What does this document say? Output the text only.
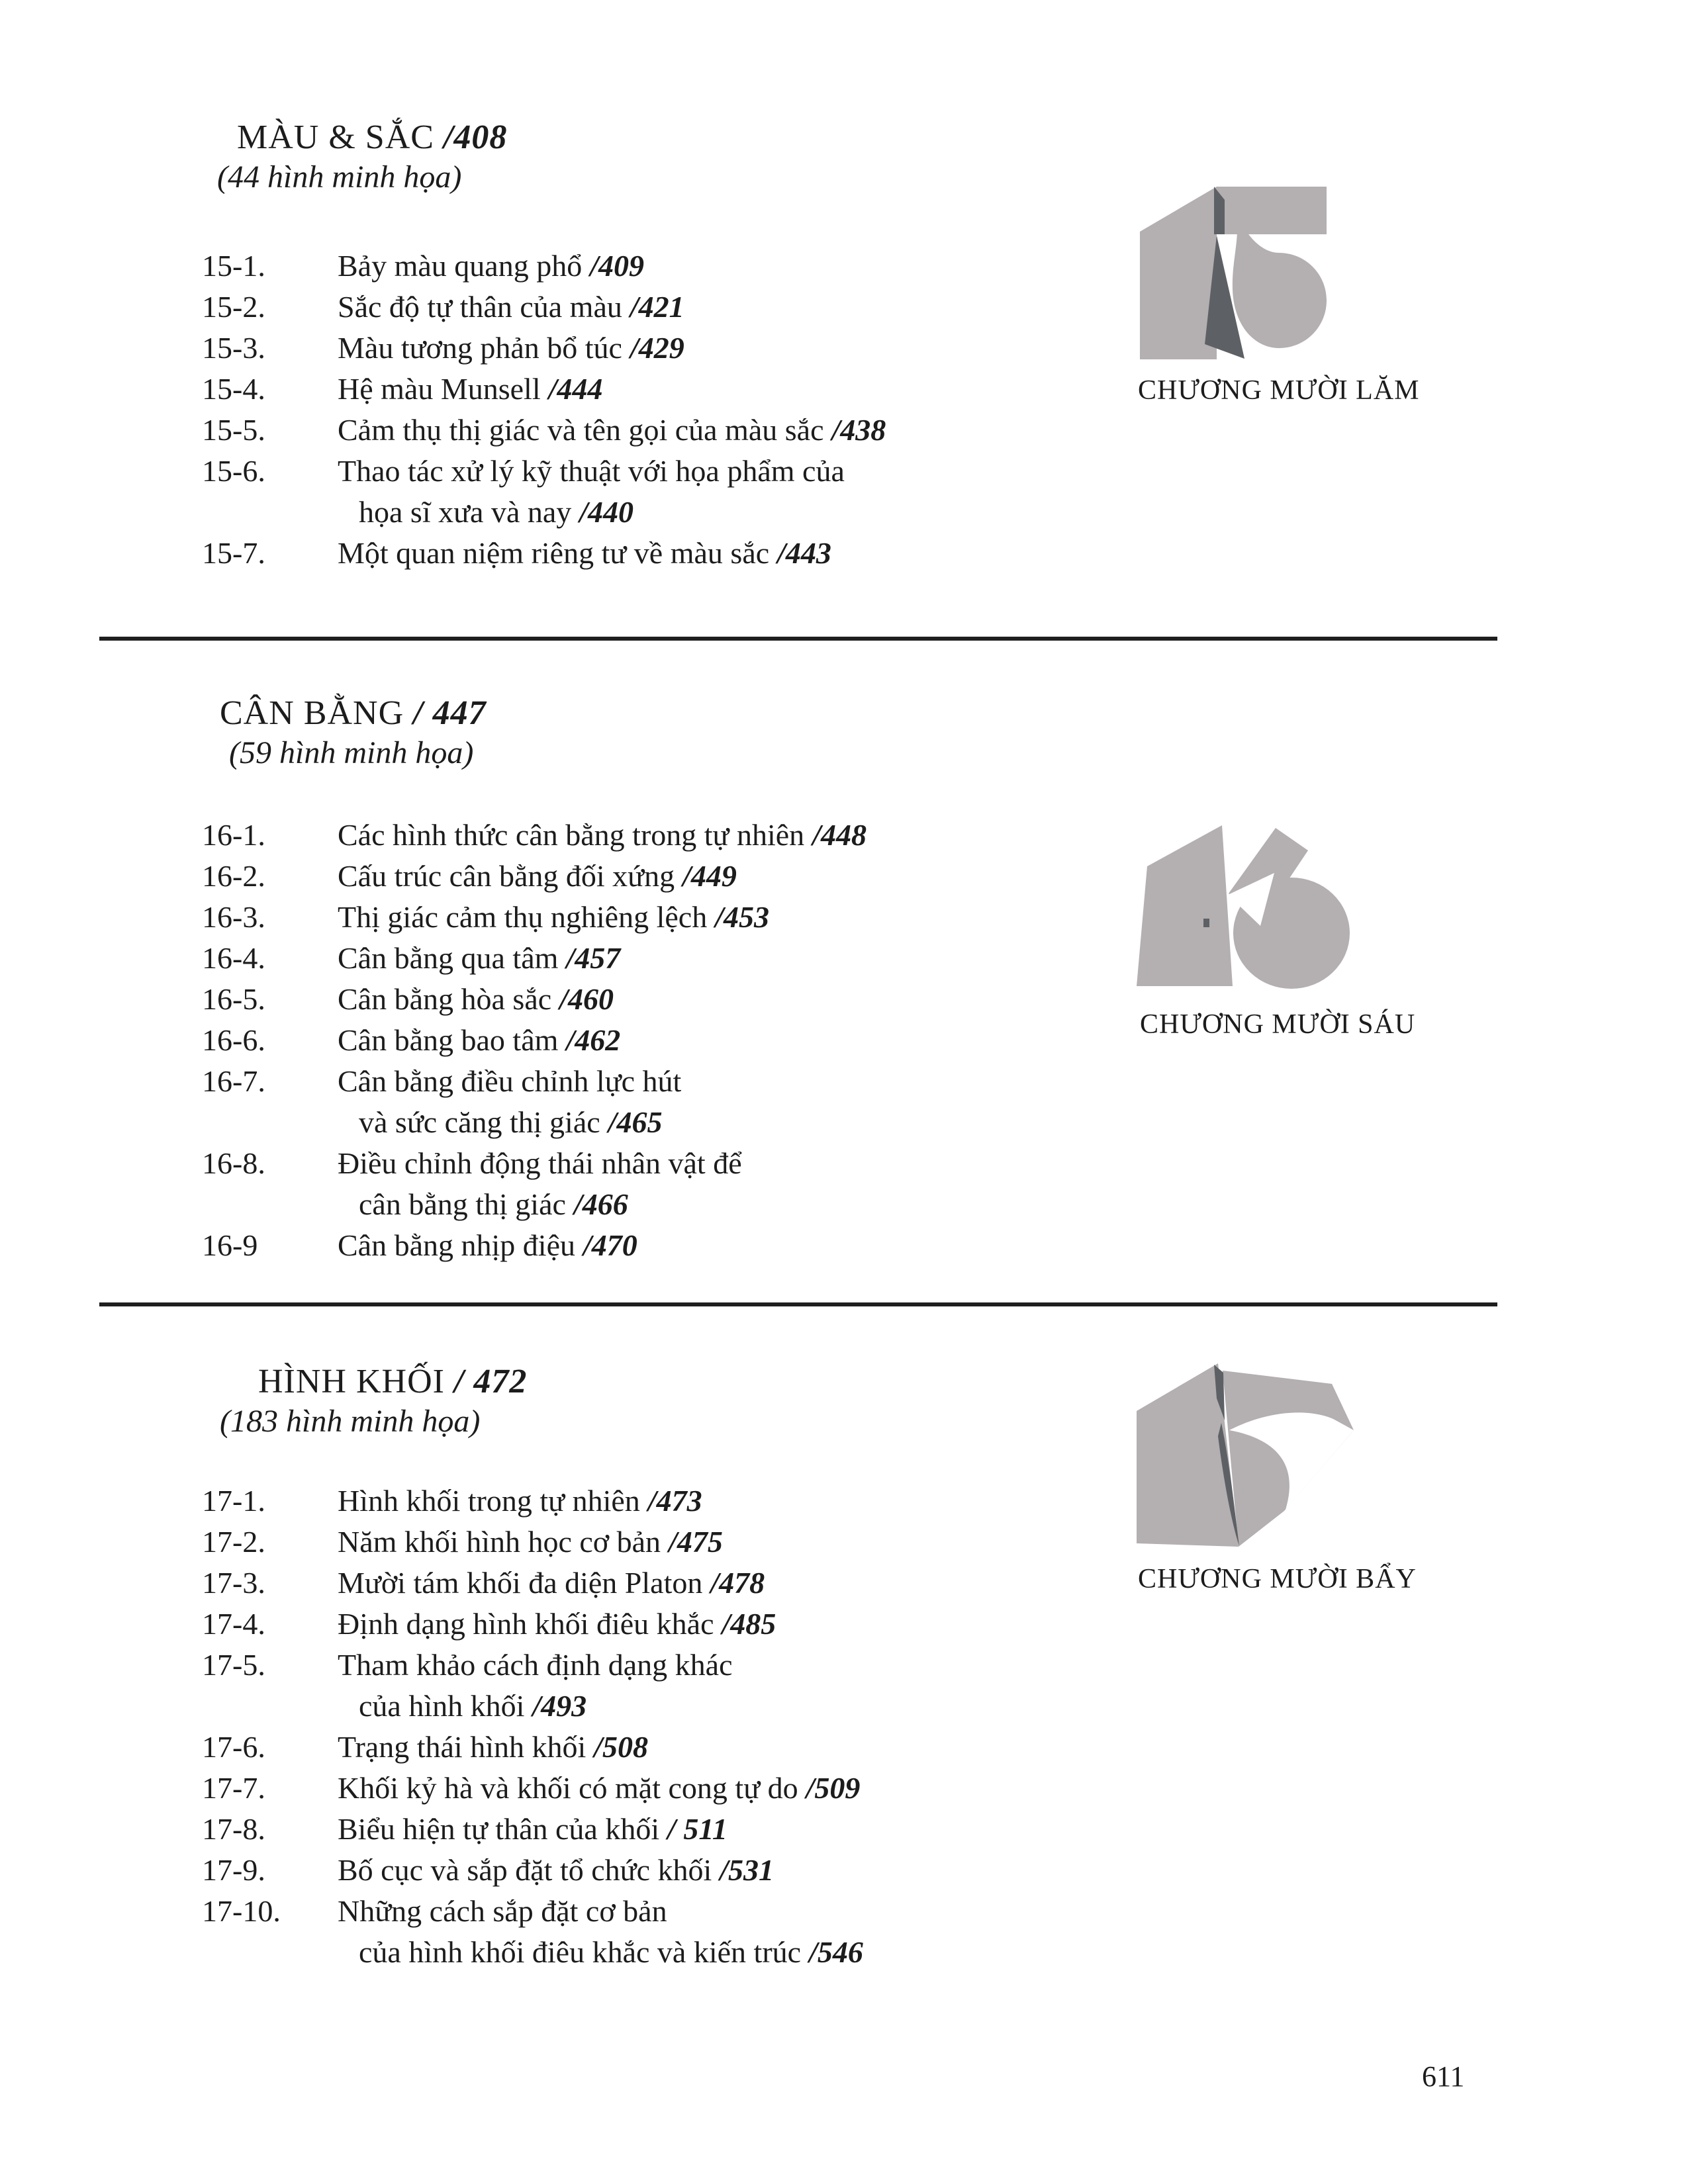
MÀU & SẮC /408
(44 hình minh họa)
15-1. Bảy màu quang phổ /409
15-2. Sắc độ tự thân của màu /421
15-3. Màu tương phản bổ túc /429
15-4. Hệ màu Munsell /444
15-5. Cảm thụ thị giác và tên gọi của màu sắc /438
15-6. Thao tác xử lý kỹ thuật với họa phẩm của
họa sĩ xưa và nay /440
15-7. Một quan niệm riêng tư về màu sắc /443
CHƯƠNG MƯỜI LĂM
CÂN BẰNG / 447
(59 hình minh họa)
16-1. Các hình thức cân bằng trong tự nhiên /448
16-2. Cấu trúc cân bằng đối xứng /449
16-3. Thị giác cảm thụ nghiêng lệch /453
16-4. Cân bằng qua tâm /457
16-5. Cân bằng hòa sắc /460
16-6. Cân bằng bao tâm /462
16-7. Cân bằng điều chỉnh lực hút
và sức căng thị giác /465
16-8. Điều chỉnh động thái nhân vật để
cân bằng thị giác /466
16-9	Cân bằng nhịp điệu /470
CHƯƠNG MƯỜI SÁU
HÌNH KHỐI / 472
(183 hình minh họa)
17-1. Hình khối trong tự nhiên /473
17-2. Năm khối hình học cơ bản /475
17-3. Mười tám khối đa diện Platon /478
17-4. Định dạng hình khối điêu khắc /485
17-5. Tham khảo cách định dạng khác
của hình khối /493
17-6. Trạng thái hình khối /508
17-7. Khối kỷ hà và khối có mặt cong tự do /509
17-8. Biểu hiện tự thân của khối / 511
17-9. Bố cục và sắp đặt tổ chức khối /531
17-10. Những cách sắp đặt cơ bản
của hình khối điêu khắc và kiến trúc /546
CHƯƠNG MƯỜI BẨY
611
